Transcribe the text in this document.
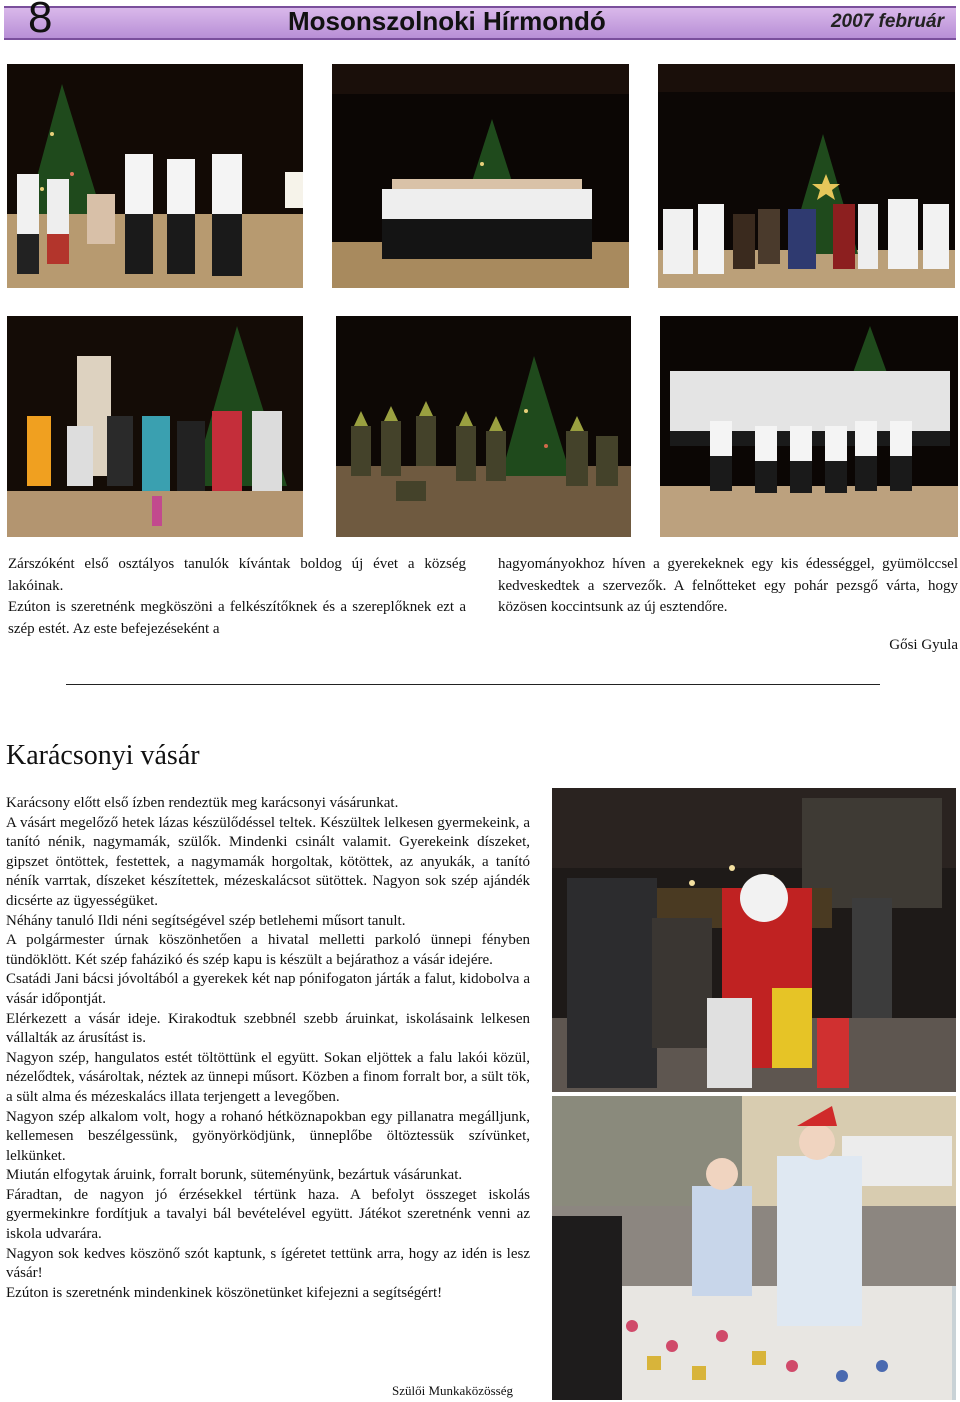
8	Mosonszolnoki Hírmondó	2007 február

Zárszóként első osztályos tanulók kívántak boldog új évet a község lakóinak.

Ezúton is szeretnénk megköszöni a felkészítőknek és a szereplőknek ezt a szép estét. Az este befejezéseként a

hagyományokhoz híven a gyerekeknek egy kis édességgel, gyümölccsel kedveskedtek a szervezők. A felnőtteket egy pohár pezsgő várta, hogy közösen koccintsunk az új esztendőre.

Gősi Gyula
Karácsonyi vásár

Karácsony előtt első ízben rendeztük meg karácsonyi vásárunkat.

A vásárt megelőző hetek lázas készülődéssel teltek. Készültek lelkesen gyermekeink, a tanító nénik, nagymamák, szülők. Mindenki csinált valamit. Gyerekeink díszeket, gipszet öntöttek, festettek, a nagymamák horgoltak, kötöttek, az anyukák, a tanító néník varrtak, díszeket készítettek, mézeskalácsot sütöttek. Nagyon sok szép ajándék dicsérte az ügyességüket.

Néhány tanuló Ildi néni segítségével szép betlehemi műsort tanult.

A polgármester úrnak köszönhetően a hivatal melletti parkoló ünnepi fényben tündöklött. Két szép faházikó és szép kapu is készült a bejárathoz a vásár idejére.

Csatádi Jani bácsi jóvoltából a gyerekek két nap pónifogaton járták a falut, kidobolva a vásár időpontját.

Elérkezett a vásár ideje. Kirakodtuk szebbnél szebb áruinkat, iskolásaink lelkesen vállalták az árusítást is.

Nagyon szép, hangulatos estét töltöttünk el együtt. Sokan eljöttek a falu lakói közül, nézelődtek, vásároltak, néztek az ünnepi műsort. Közben a finom forralt bor, a sült tök, a sült alma és mézeskalács illata terjengett a levegőben.

Nagyon szép alkalom volt, hogy a rohanó hétköznapokban egy pillanatra megálljunk, kellemesen beszélgessünk, gyönyörködjünk, ünneplőbe öltöztessük szívünket, lelkünket.

Miután elfogytak áruink, forralt borunk, süteményünk, bezártuk vásárunkat.

Fáradtan, de nagyon jó érzésekkel tértünk haza. A befolyt összeget iskolás gyermekinkre fordítjuk a tavalyi bál bevételével együtt. Játékot szeretnénk venni az iskola udvarára.

Nagyon sok kedves köszönő szót kaptunk, s ígéretet tettünk arra, hogy az idén is lesz vásár!

Ezúton is szeretnénk mindenkinek köszönetünket kifejezni a segítségért!

Szülői Munkaközösség
